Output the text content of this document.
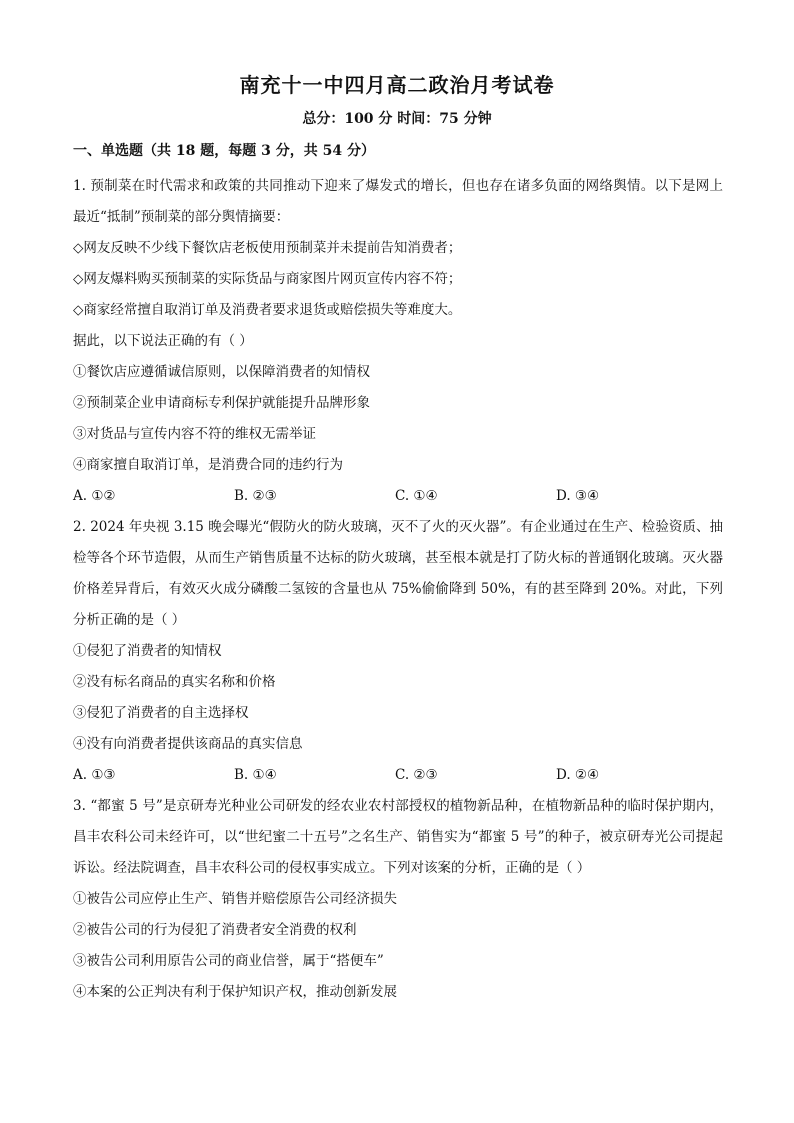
南充十一中四月高二政治月考试卷
总分：100 分 时间：75 分钟
一、单选题（共 18 题，每题 3 分，共 54 分）
1. 预制菜在时代需求和政策的共同推动下迎来了爆发式的增长，但也存在诸多负面的网络舆情。以下是网上最近“抵制”预制菜的部分舆情摘要：
◇网友反映不少线下餐饮店老板使用预制菜并未提前告知消费者；
◇网友爆料购买预制菜的实际货品与商家图片网页宣传内容不符；
◇商家经常擅自取消订单及消费者要求退货或赔偿损失等难度大。
据此，以下说法正确的有（ ）
①餐饮店应遵循诚信原则，以保障消费者的知情权
②预制菜企业申请商标专利保护就能提升品牌形象
③对货品与宣传内容不符的维权无需举证
④商家擅自取消订单，是消费合同的违约行为
A. ①②	B. ②③	C. ①④	D. ③④
2. 2024 年央视 3.15 晚会曝光“假防火的防火玻璃，灭不了火的灭火器”。有企业通过在生产、检验资质、抽检等各个环节造假，从而生产销售质量不达标的防火玻璃，甚至根本就是打了防火标的普通钢化玻璃。灭火器价格差异背后，有效灭火成分磷酸二氢铵的含量也从 75%偷偷降到 50%，有的甚至降到 20%。对此，下列分析正确的是（ ）
①侵犯了消费者的知情权
②没有标名商品的真实名称和价格
③侵犯了消费者的自主选择权
④没有向消费者提供该商品的真实信息
A. ①③	B. ①④	C. ②③	D. ②④
3. “都蜜 5 号”是京研寿光种业公司研发的经农业农村部授权的植物新品种，在植物新品种的临时保护期内，昌丰农科公司未经许可，以“世纪蜜二十五号”之名生产、销售实为“都蜜 5 号”的种子，被京研寿光公司提起诉讼。经法院调查，昌丰农科公司的侵权事实成立。下列对该案的分析，正确的是（ ）
①被告公司应停止生产、销售并赔偿原告公司经济损失
②被告公司的行为侵犯了消费者安全消费的权利
③被告公司利用原告公司的商业信誉，属于“搭便车”
④本案的公正判决有利于保护知识产权，推动创新发展
